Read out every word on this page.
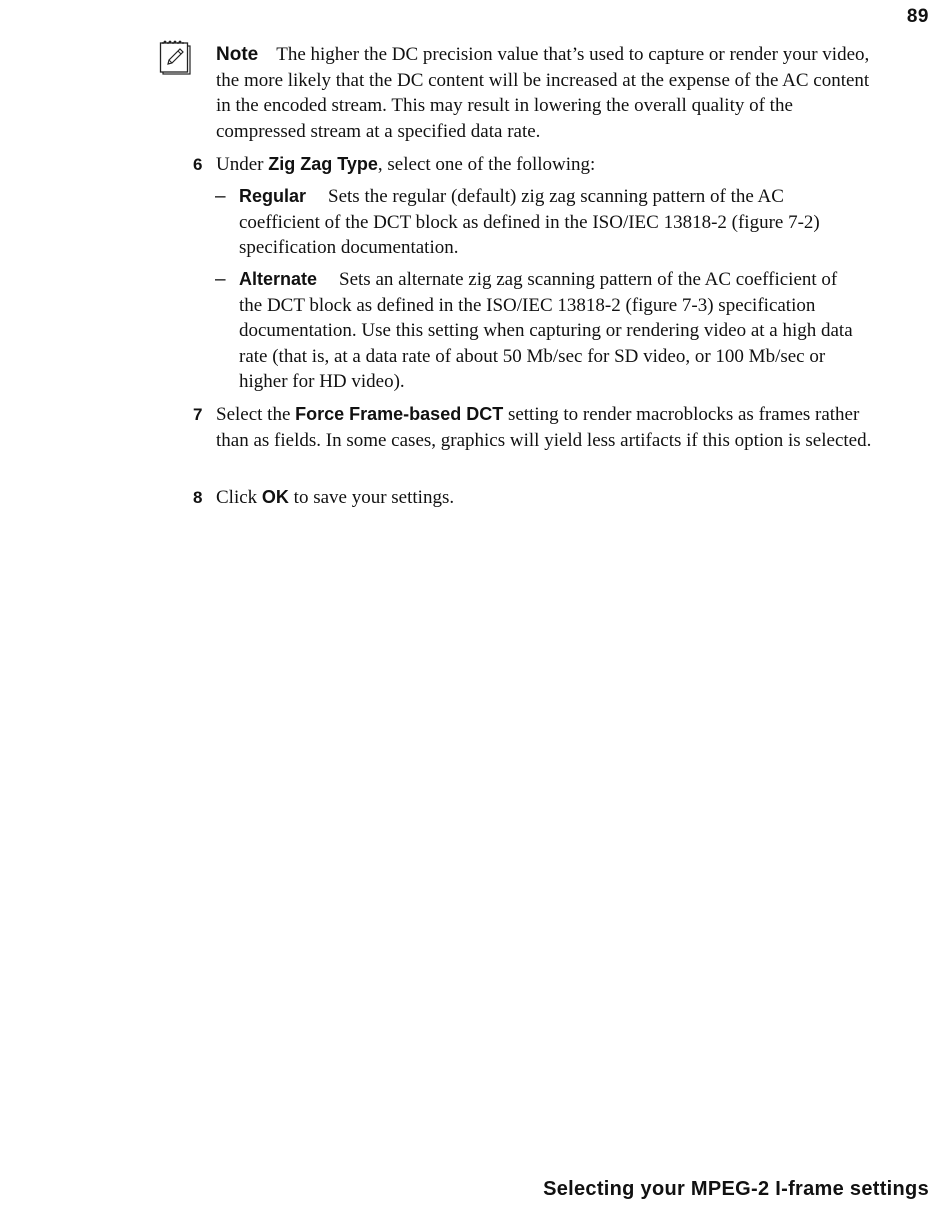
89

Note The higher the DC precision value that’s used to capture or render your video, the more likely that the DC content will be increased at the expense of the AC content in the encoded stream. This may result in lowering the overall quality of the compressed stream at a specified data rate.

6 Under Zig Zag Type, select one of the following:

– Regular Sets the regular (default) zig zag scanning pattern of the AC coefficient of the DCT block as defined in the ISO/IEC 13818-2 (figure 7-2) specification documentation.

– Alternate Sets an alternate zig zag scanning pattern of the AC coefficient of the DCT block as defined in the ISO/IEC 13818-2 (figure 7-3) specification documentation. Use this setting when capturing or rendering video at a high data rate (that is, at a data rate of about 50 Mb/sec for SD video, or 100 Mb/sec or higher for HD video).

7 Select the Force Frame-based DCT setting to render macroblocks as frames rather than as fields. In some cases, graphics will yield less artifacts if this option is selected.

8 Click OK to save your settings.

Selecting your MPEG-2 I-frame settings
